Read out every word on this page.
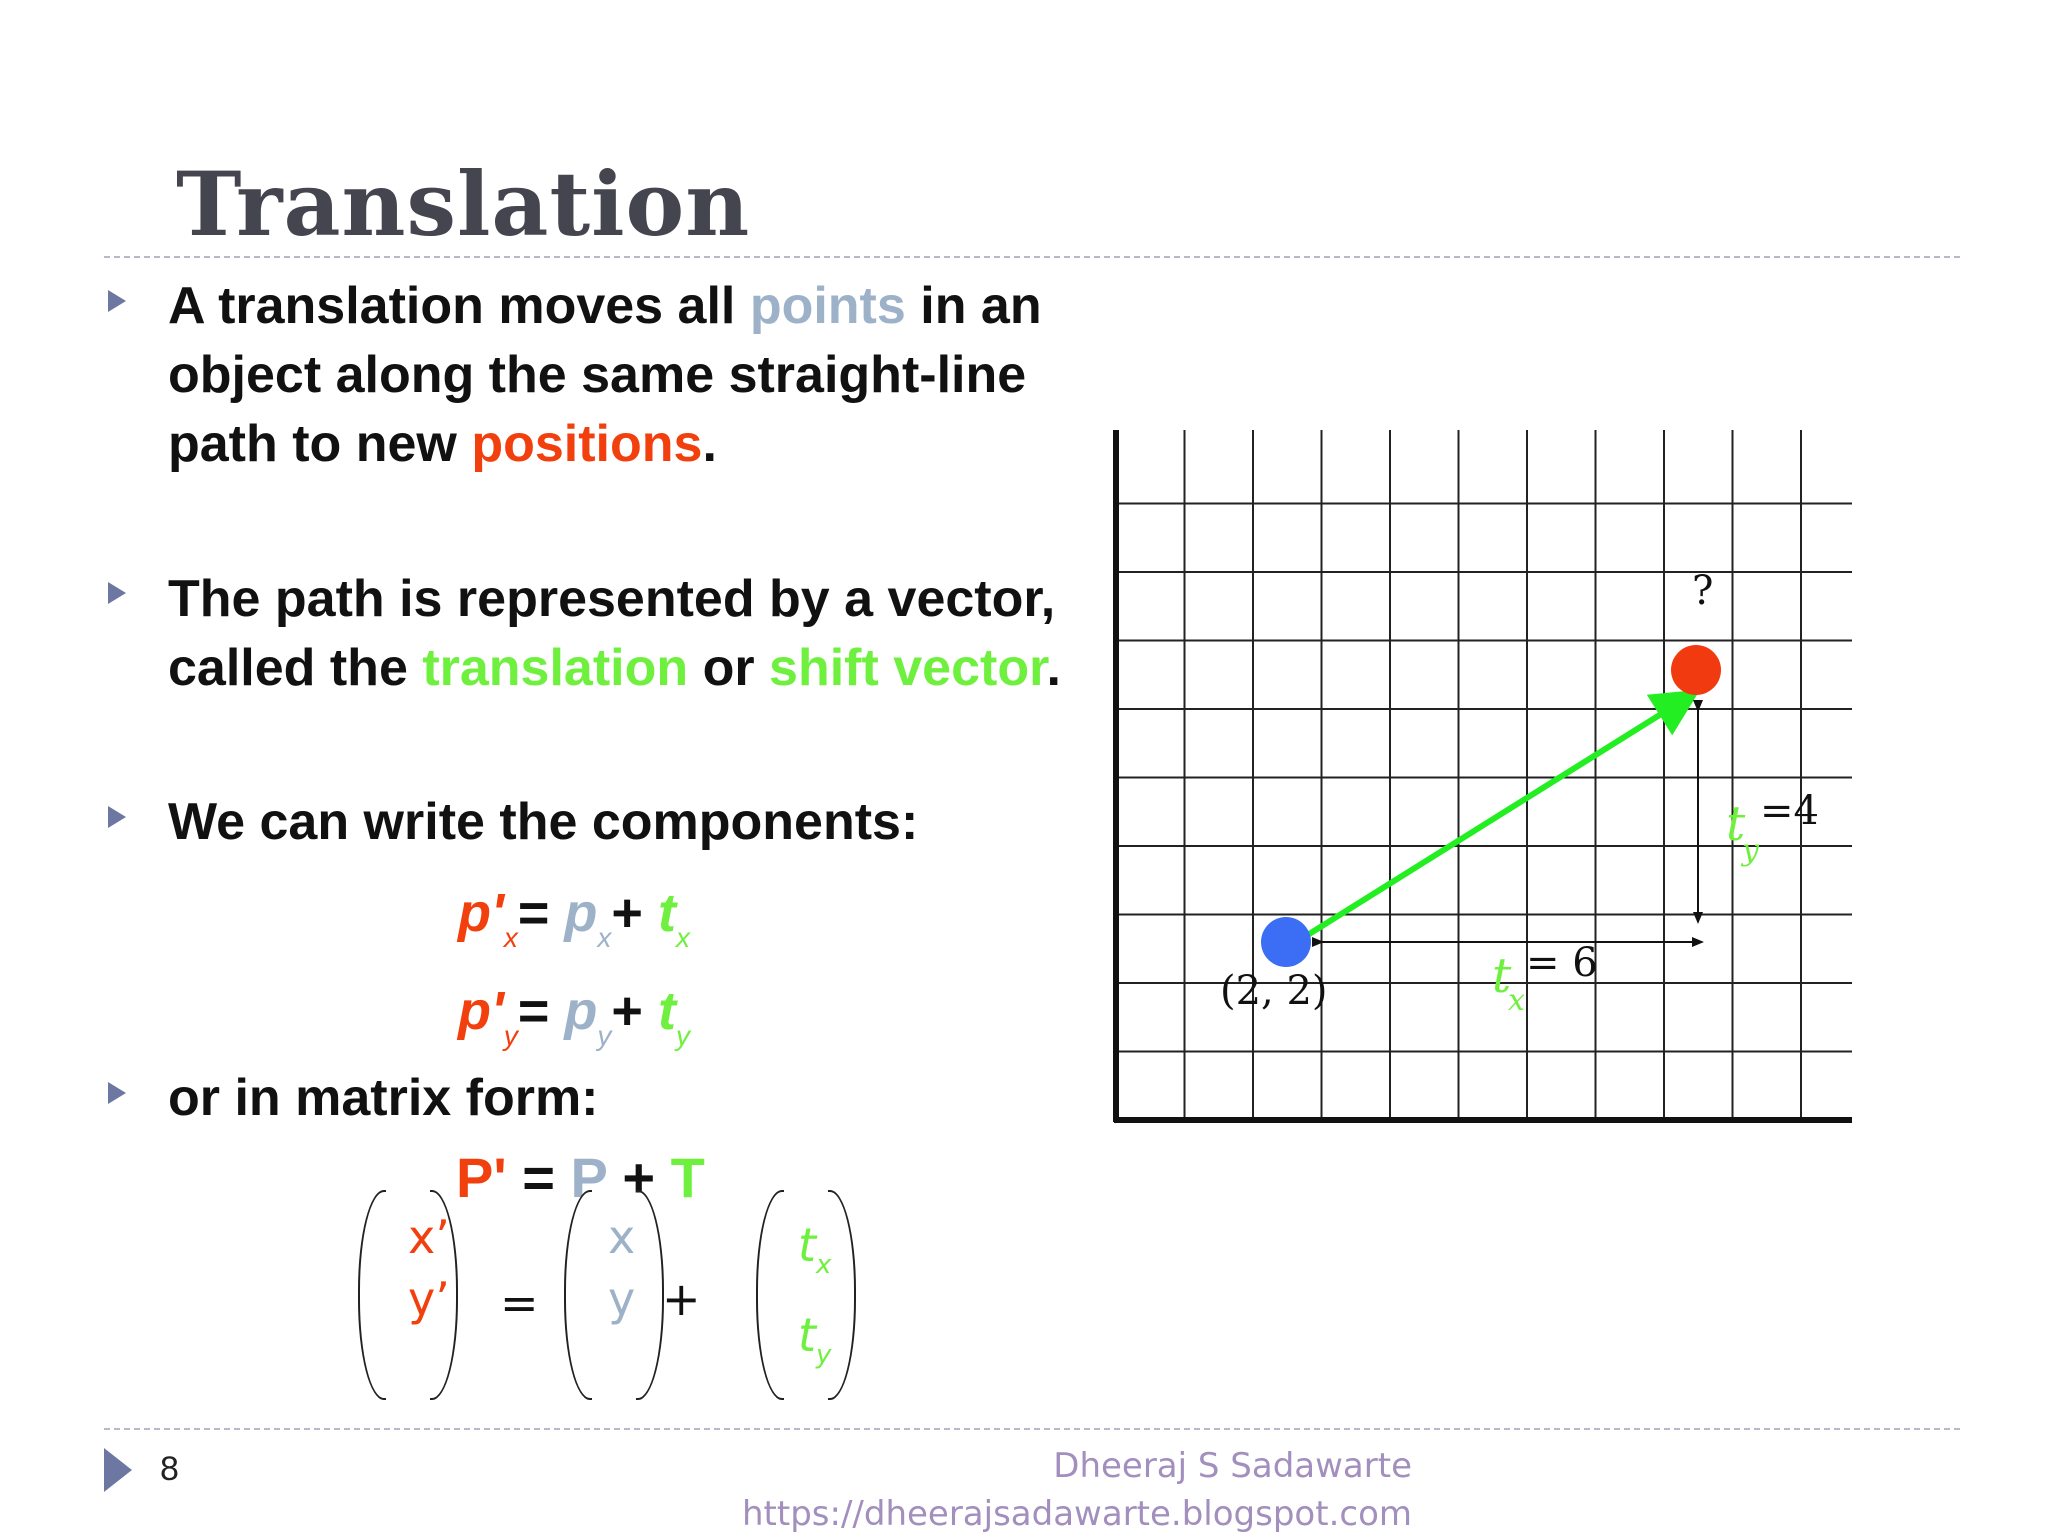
Translation
A translation moves all points in an object along the same straight-line path to new positions.
The path is represented by a vector, called the translation or shift vector.
We can write the components:
$p'_x= p_x+ t_x$
$p'_y= p_y+ t_y$
or in matrix form:
P' = P + T
x’
y’ =
x
y +
$t_x$
$t_y$
(2, 2)
?
t
x
= 6
t
y
=4
8	Dheeraj S Sadawarte
https://dheerajsadawarte.blogspot.com
